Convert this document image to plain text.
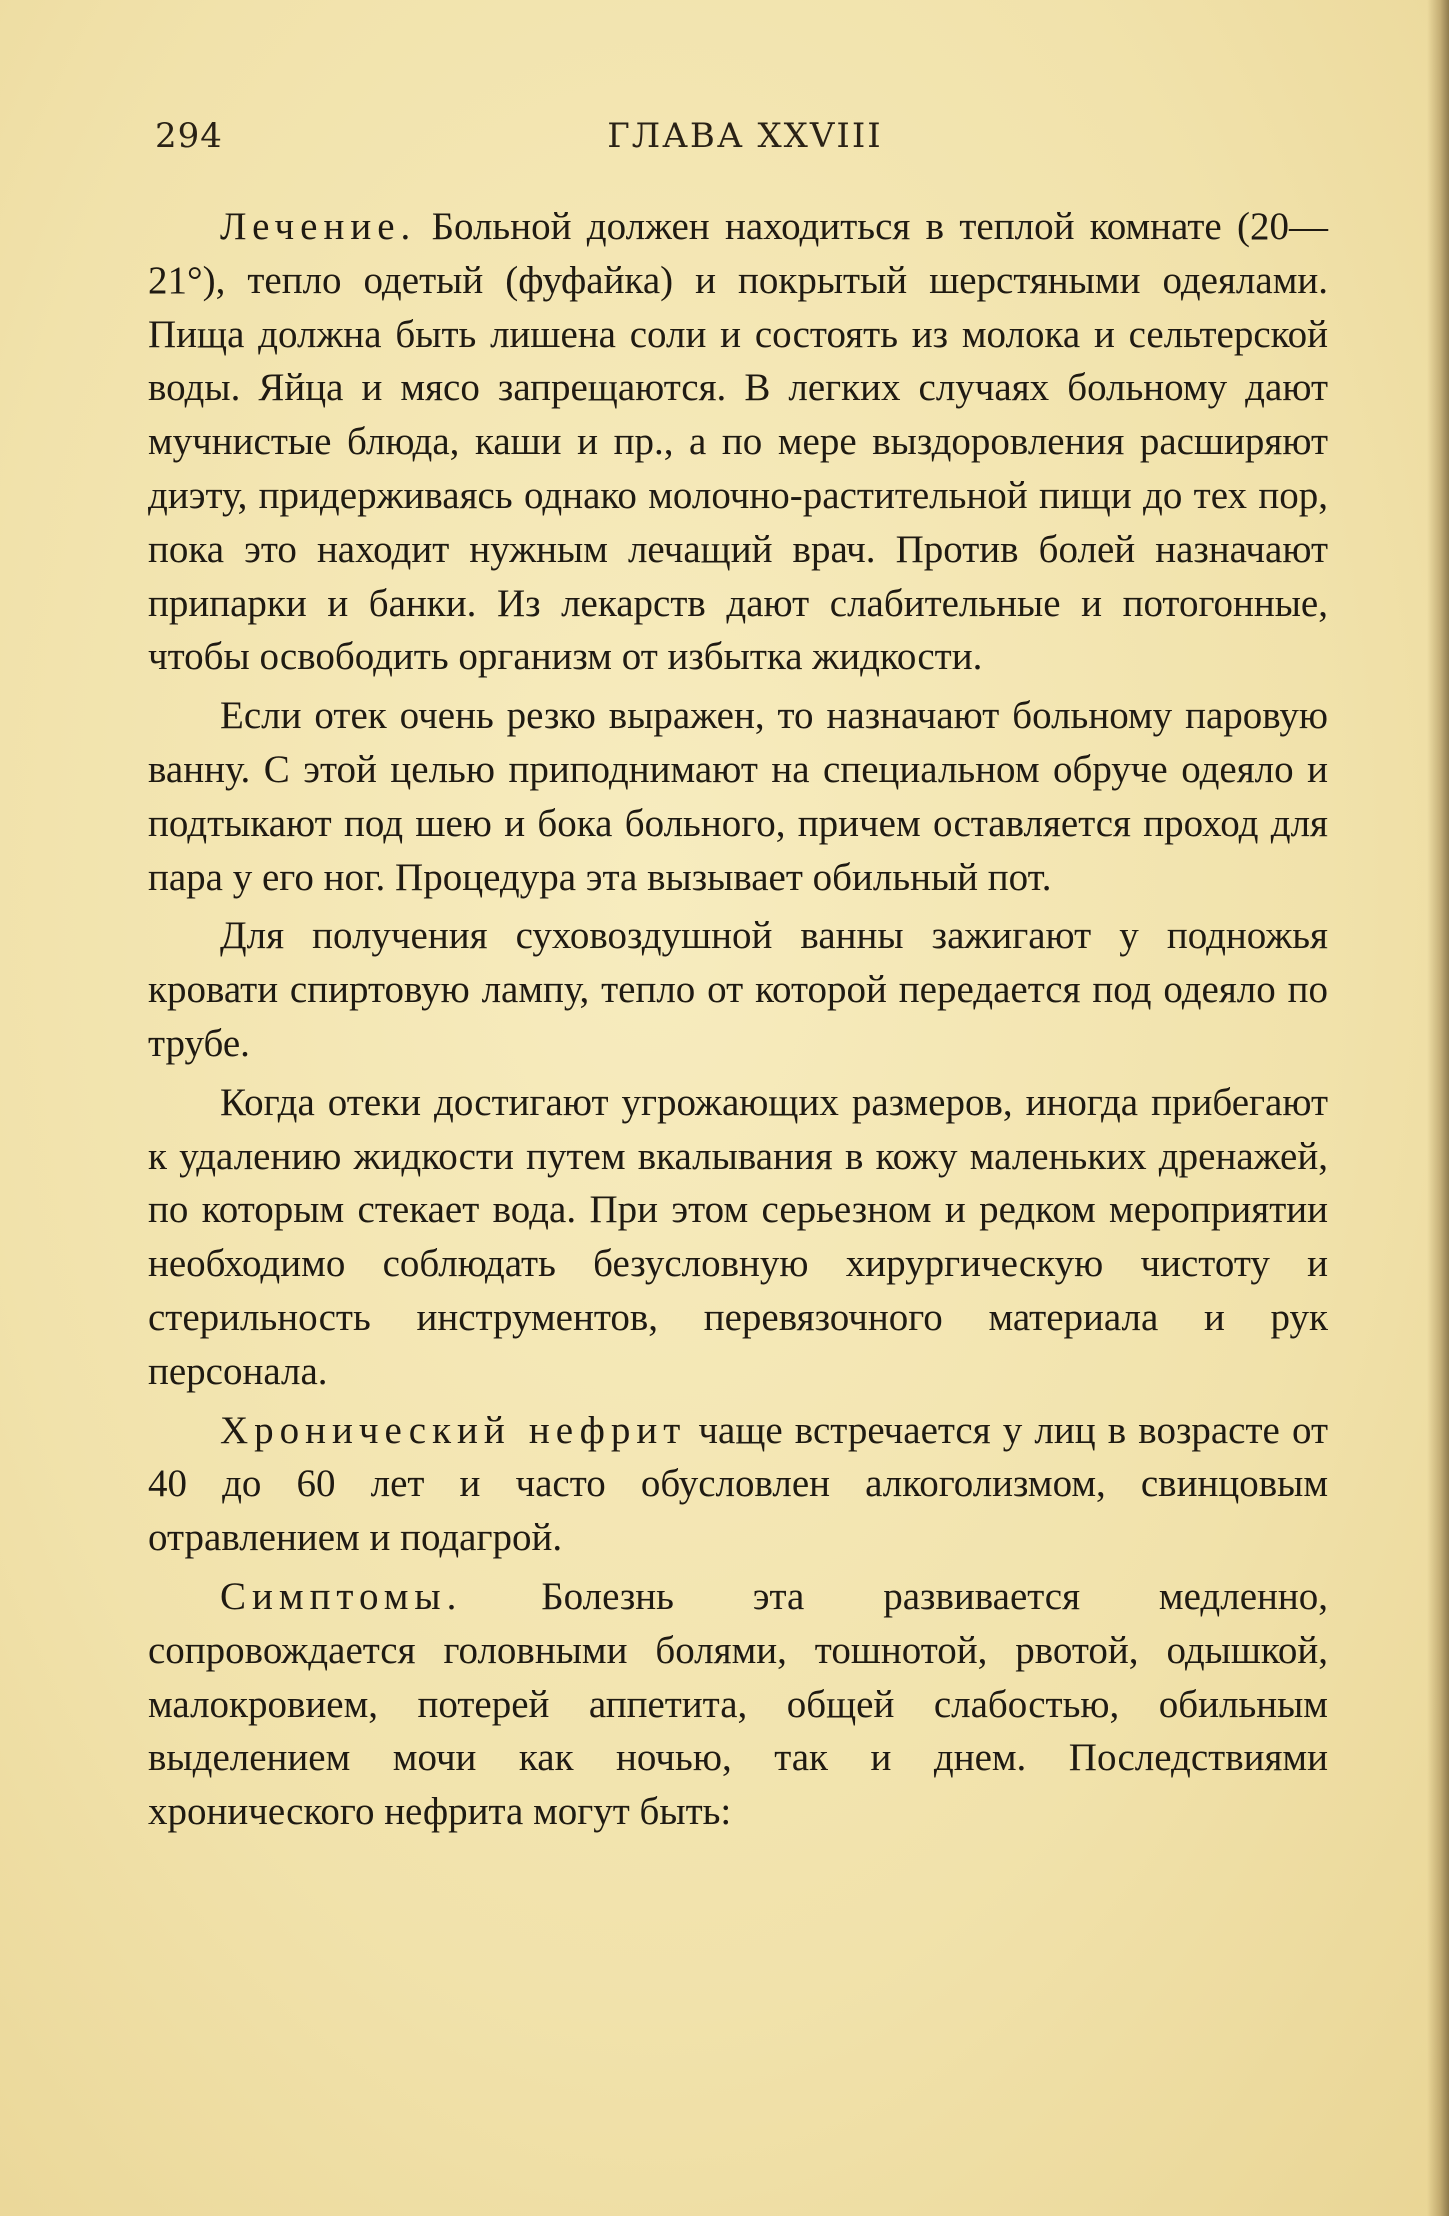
294	ГЛАВА XXVIII

Лечение. Больной должен находиться в теплой комнате (20—21°), тепло одетый (фуфайка) и покрытый шерстяными одеялами. Пища должна быть лишена соли и состоять из молока и сельтерской воды. Яйца и мясо запрещаются. В легких случаях больному дают мучнистые блюда, каши и пр., а по мере выздоровления расширяют диэту, придерживаясь однако молочно-растительной пищи до тех пор, пока это находит нужным лечащий врач. Против болей назначают припарки и банки. Из лекарств дают слабительные и потогонные, чтобы освободить организм от избытка жидкости.

Если отек очень резко выражен, то назначают больному паровую ванну. С этой целью приподнимают на специальном обруче одеяло и подтыкают под шею и бока больного, причем оставляется проход для пара у его ног. Процедура эта вызывает обильный пот.

Для получения суховоздушной ванны зажигают у подножья кровати спиртовую лампу, тепло от которой передается под одеяло по трубе.

Когда отеки достигают угрожающих размеров, иногда прибегают к удалению жидкости путем вкалывания в кожу маленьких дренажей, по которым стекает вода. При этом серьезном и редком мероприятии необходимо соблюдать безусловную хирургическую чистоту и стерильность инструментов, перевязочного материала и рук персонала.

Хронический нефрит чаще встречается у лиц в возрасте от 40 до 60 лет и часто обусловлен алкоголизмом, свинцовым отравлением и подагрой.

Симптомы. Болезнь эта развивается медленно, сопровождается головными болями, тошнотой, рвотой, одышкой, малокровием, потерей аппетита, общей слабостью, обильным выделением мочи как ночью, так и днем. Последствиями хронического нефрита могут быть:
